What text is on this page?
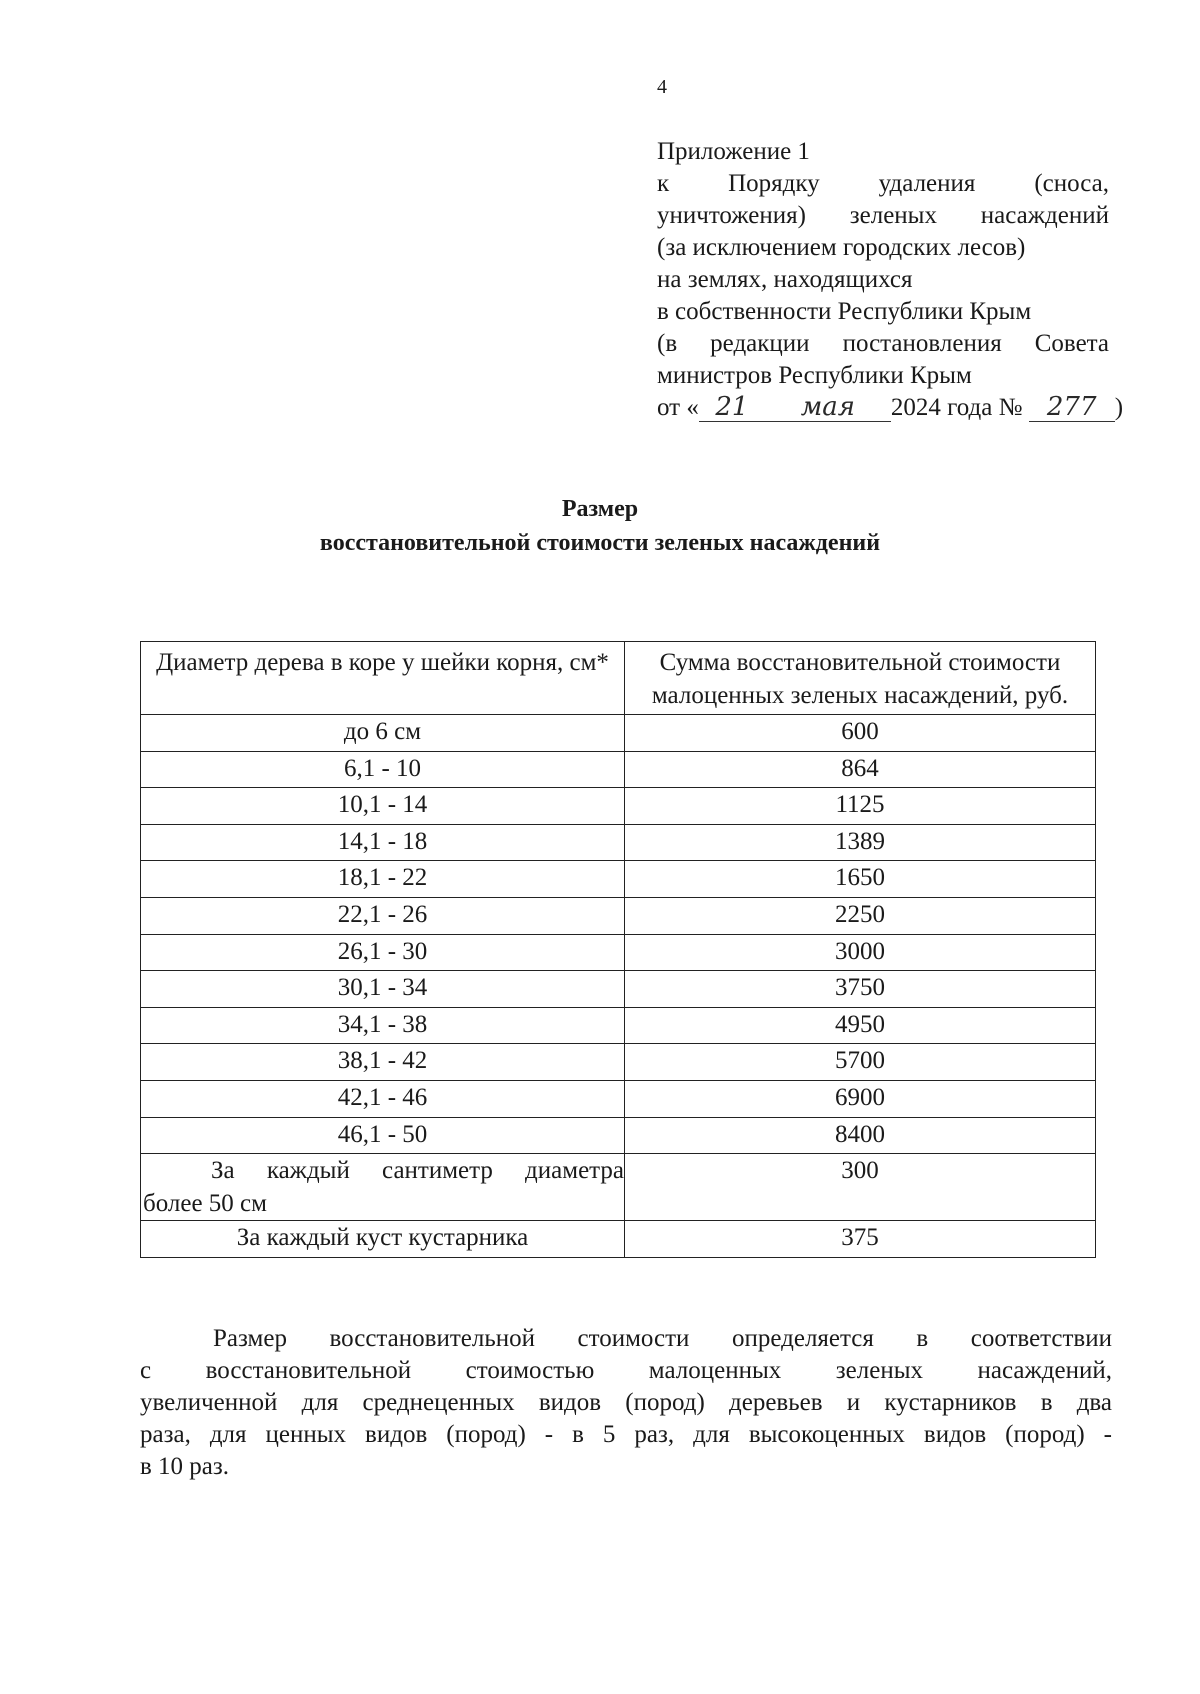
4
Приложение 1
к Порядку удаления (сноса,
уничтожения) зеленых насаждений
(за исключением городских лесов)
на землях, находящихся
в собственности Республики Крым
(в редакции постановления Совета
министров Республики Крым
от « 21 мая 2024 года № 277 )
Размер
восстановительной стоимости зеленых насаждений
Диаметр дерева в коре у шейки корня, см*	Сумма восстановительной стоимости малоценных зеленых насаждений, руб.
до 6 см	600
6,1 - 10	864
10,1 - 14	1125
14,1 - 18	1389
18,1 - 22	1650
22,1 - 26	2250
26,1 - 30	3000
30,1 - 34	3750
34,1 - 38	4950
38,1 - 42	5700
42,1 - 46	6900
46,1 - 50	8400

За каждый сантиметр диаметра
более 50 см	300
За каждый куст кустарника	375
Размер восстановительной стоимости определяется в соответствии
с восстановительной стоимостью малоценных зеленых насаждений,
увеличенной для среднеценных видов (пород) деревьев и кустарников в два
раза, для ценных видов (пород) - в 5 раз, для высокоценных видов (пород) -
в 10 раз.
